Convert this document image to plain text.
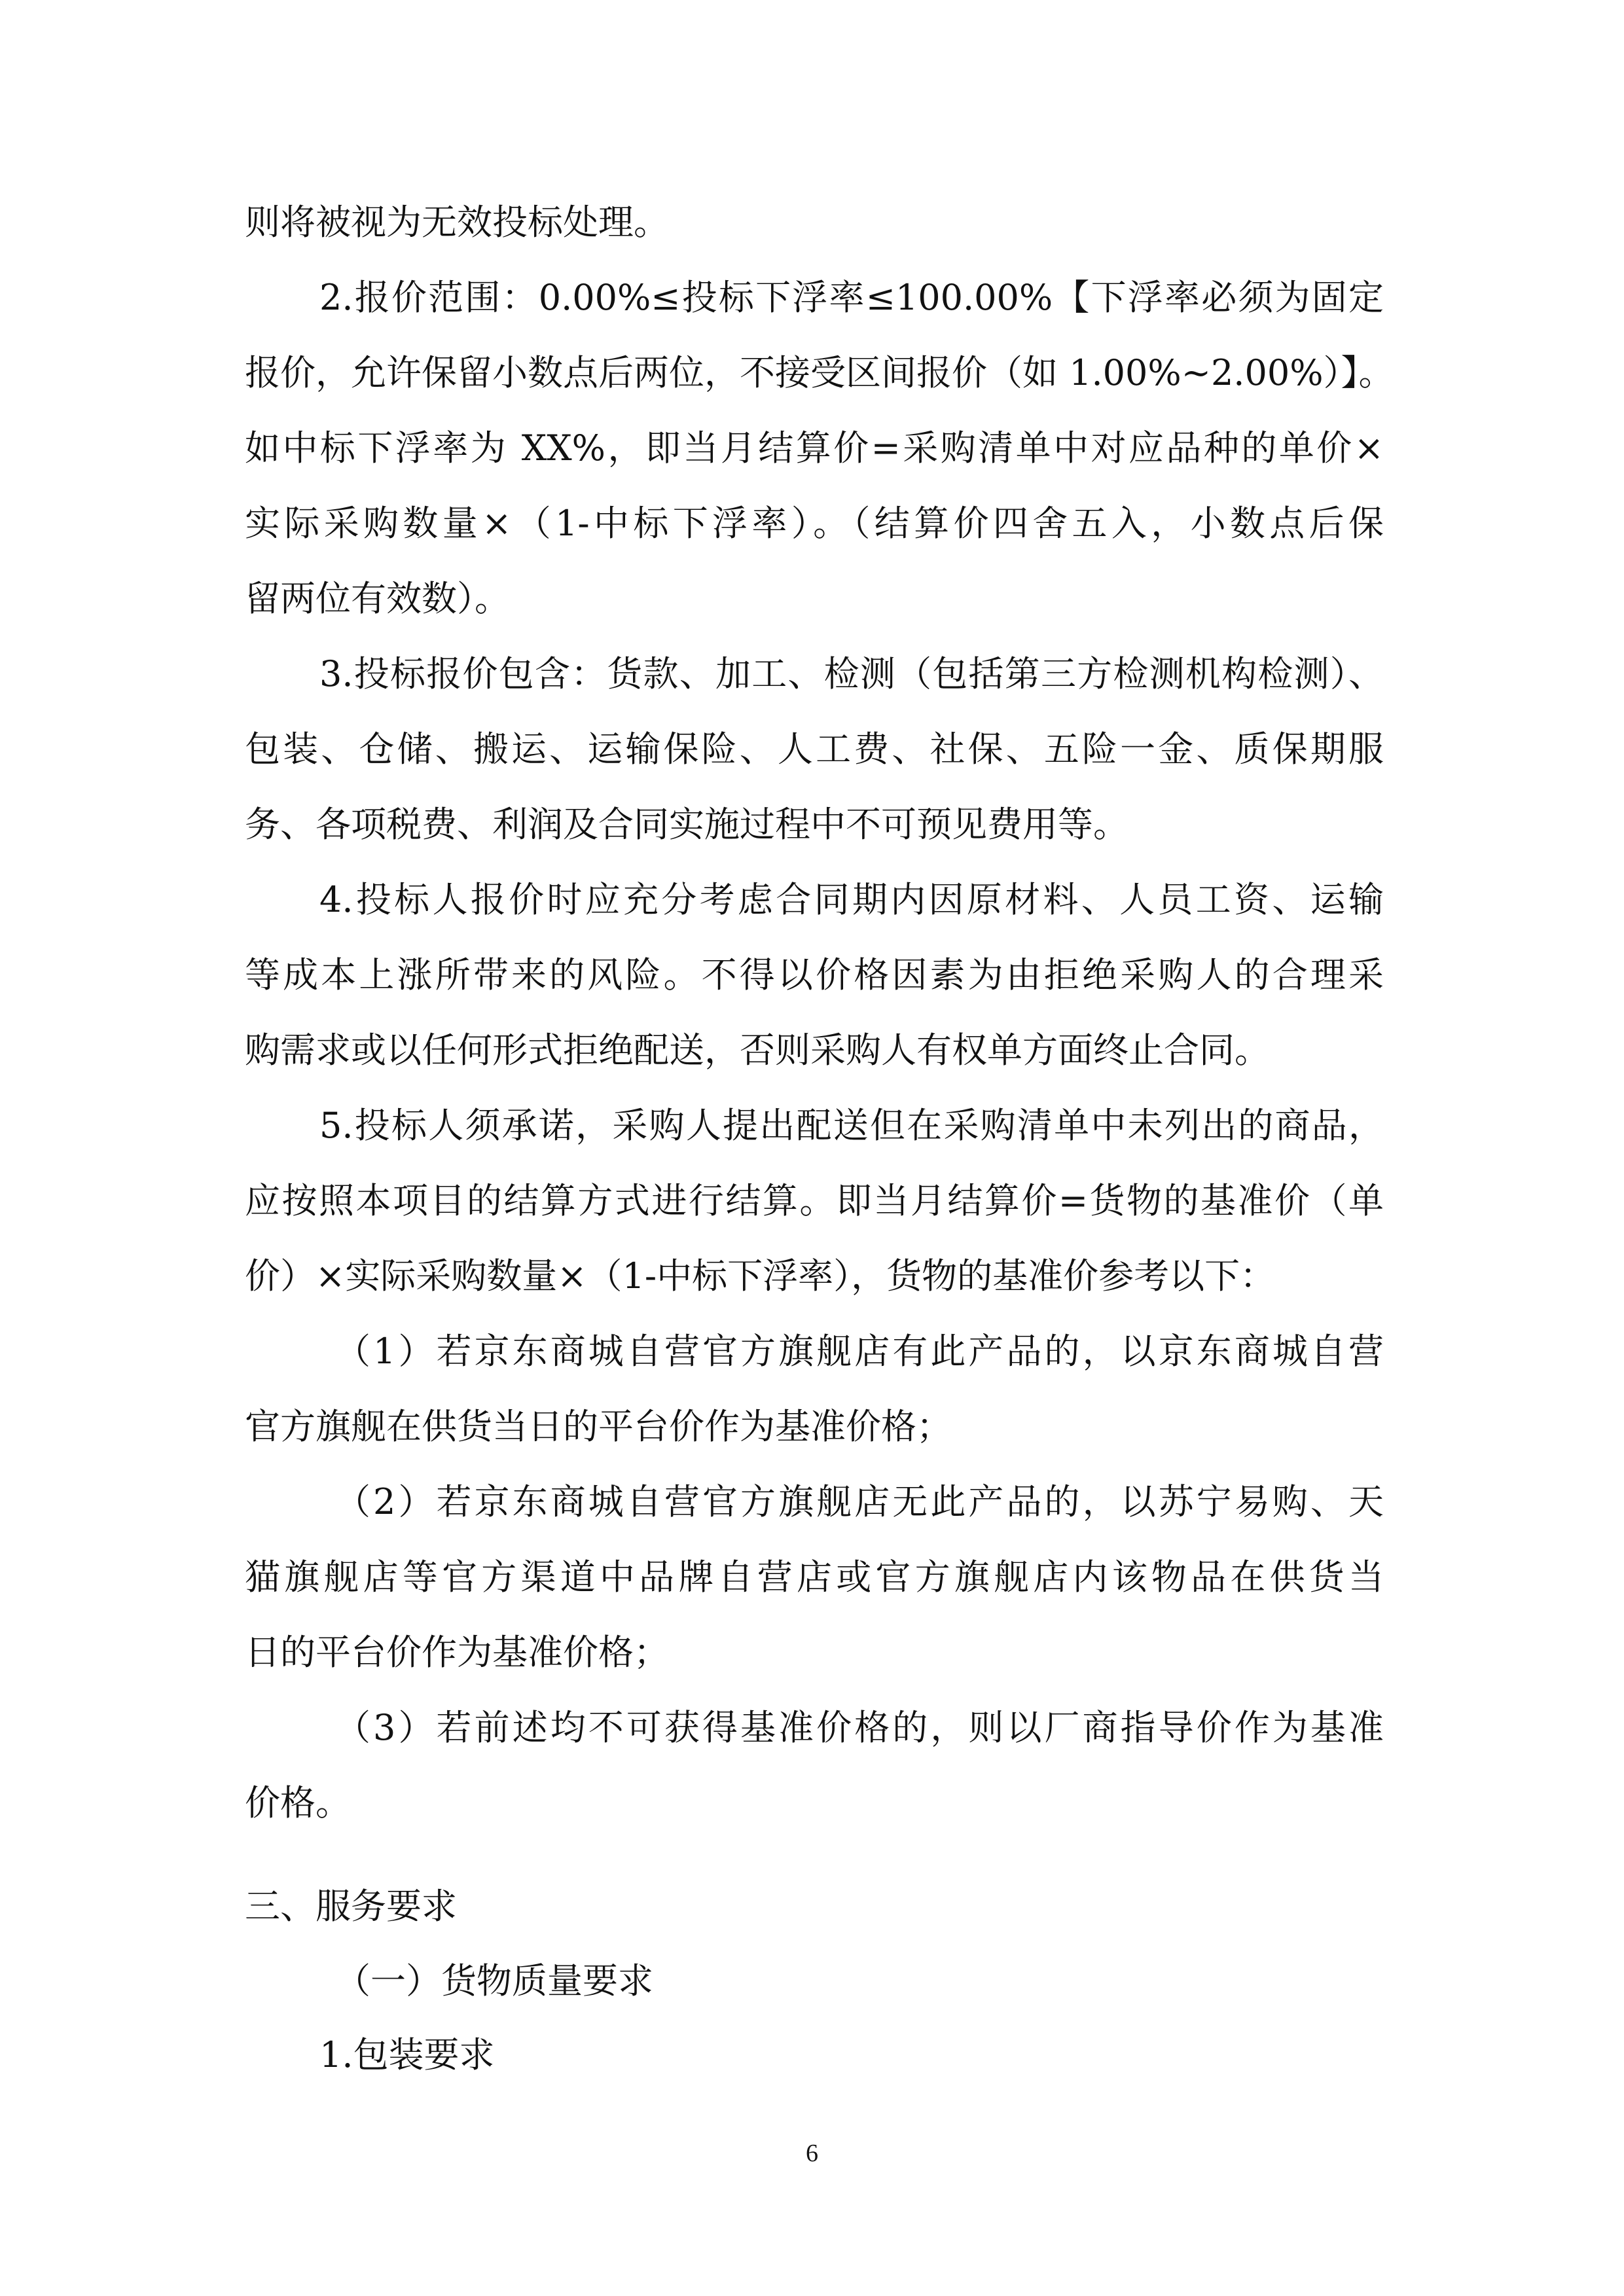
则将被视为无效投标处理。
2.报价范围：0.00%≤投标下浮率≤100.00%【下浮率必须为固定
报价，允许保留小数点后两位，不接受区间报价（如 1.00%~2.00%）】。
如中标下浮率为 XX%，即当月结算价=采购清单中对应品种的单价×
实际采购数量×（1-中标下浮率）。（结算价四舍五入，小数点后保
留两位有效数）。
3.投标报价包含：货款、加工、检测（包括第三方检测机构检测）、
包装、仓储、搬运、运输保险、人工费、社保、五险一金、质保期服
务、各项税费、利润及合同实施过程中不可预见费用等。
4.投标人报价时应充分考虑合同期内因原材料、人员工资、运输
等成本上涨所带来的风险。不得以价格因素为由拒绝采购人的合理采
购需求或以任何形式拒绝配送，否则采购人有权单方面终止合同。
5.投标人须承诺，采购人提出配送但在采购清单中未列出的商品，
应按照本项目的结算方式进行结算。即当月结算价=货物的基准价（单
价）×实际采购数量×（1-中标下浮率），货物的基准价参考以下：
（1）若京东商城自营官方旗舰店有此产品的，以京东商城自营
官方旗舰在供货当日的平台价作为基准价格；
（2）若京东商城自营官方旗舰店无此产品的，以苏宁易购、天
猫旗舰店等官方渠道中品牌自营店或官方旗舰店内该物品在供货当
日的平台价作为基准价格；
（3）若前述均不可获得基准价格的，则以厂商指导价作为基准
价格。
三、服务要求
（一）货物质量要求
1.包装要求
6
